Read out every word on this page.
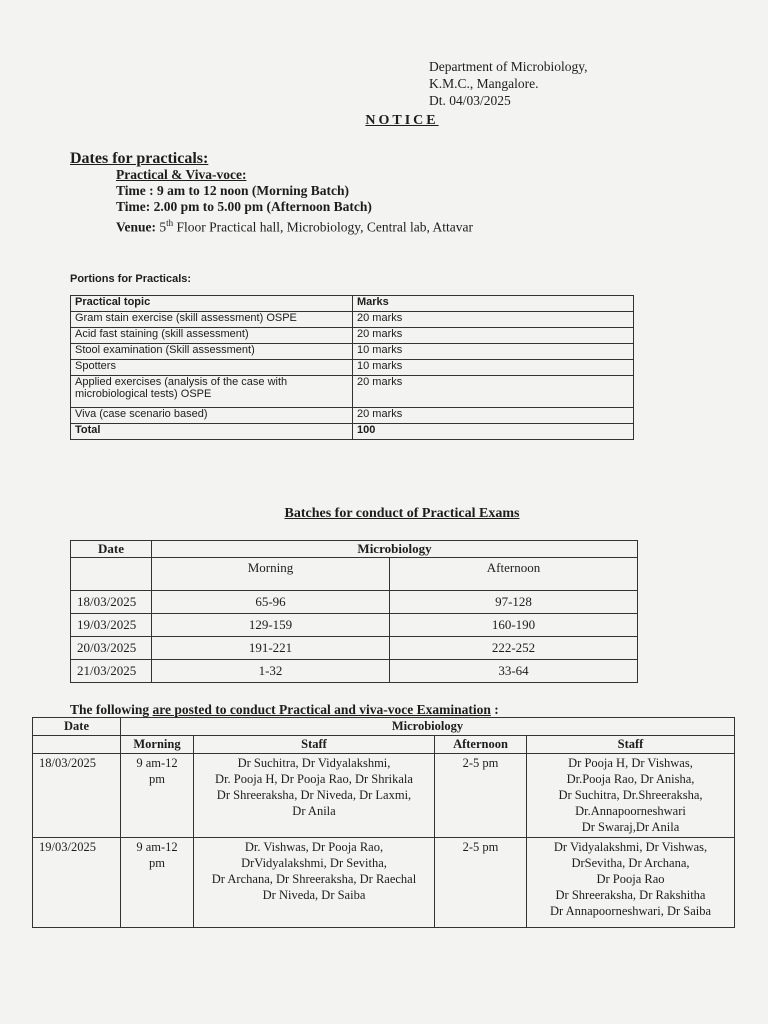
Department of Microbiology,
K.M.C., Mangalore.
Dt. 04/03/2025
NOTICE
Dates for practicals:
Practical & Viva-voce:
Time : 9 am to 12 noon (Morning Batch)
Time: 2.00 pm to 5.00 pm (Afternoon Batch)
Venue: 5th Floor Practical hall, Microbiology, Central lab, Attavar
Portions for Practicals:
Practical topic	Marks
Gram stain exercise (skill assessment) OSPE	20 marks
Acid fast staining (skill assessment)	20 marks
Stool examination (Skill assessment)	10 marks
Spotters	10 marks
Applied exercises (analysis of the case with microbiological tests) OSPE	20 marks
Viva (case scenario based)	20 marks
Total	100
Batches for conduct of Practical Exams
Date	Microbiology	
	Morning	Afternoon
18/03/2025	65-96	97-128
19/03/2025	129-159	160-190
20/03/2025	191-221	222-252
21/03/2025	1-32	33-64
The following are posted to conduct Practical and viva-voce Examination :
Date	Microbiology			
	Morning	Staff	Afternoon	Staff
18/03/2025	9 am-12
pm	Dr Suchitra, Dr Vidyalakshmi,
Dr. Pooja H, Dr Pooja Rao, Dr Shrikala
Dr Shreeraksha, Dr Niveda, Dr Laxmi,
Dr Anila	2-5 pm	Dr Pooja H, Dr Vishwas,
Dr.Pooja Rao, Dr Anisha,
Dr Suchitra, Dr.Shreeraksha,
Dr.Annapoorneshwari
Dr Swaraj,Dr Anila
19/03/2025	9 am-12
pm	Dr. Vishwas, Dr Pooja Rao,
DrVidyalakshmi, Dr Sevitha,
Dr Archana, Dr Shreeraksha, Dr Raechal
Dr Niveda, Dr Saiba	2-5 pm	Dr Vidyalakshmi, Dr Vishwas,
DrSevitha, Dr Archana,
Dr Pooja Rao
Dr Shreeraksha, Dr Rakshitha
Dr Annapoorneshwari, Dr Saiba
